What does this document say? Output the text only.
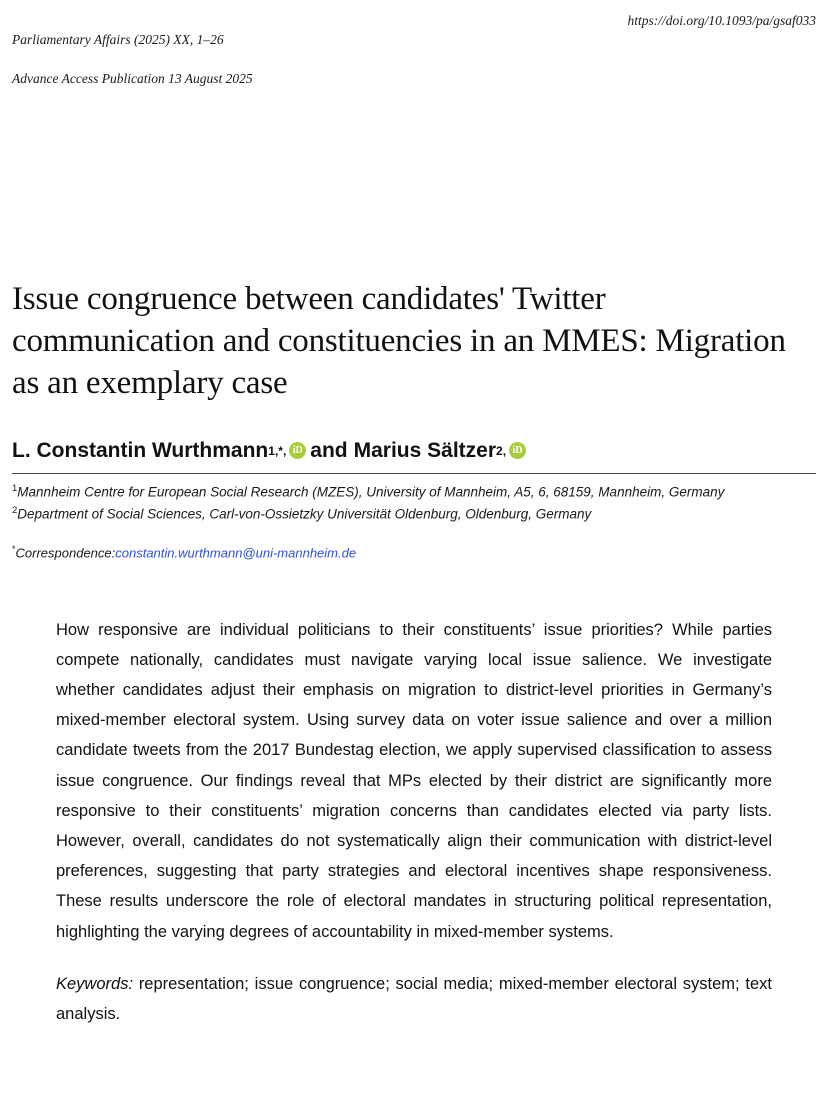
Parliamentary Affairs (2025) XX, 1–26

Advance Access Publication 13 August 2025

https://doi.org/10.1093/pa/gsaf033
Issue congruence between candidates' Twitter communication and constituencies in an MMES: Migration as an exemplary case
L. Constantin Wurthmann 1,*, iD and Marius Sältzer 2,
iD

$^1$Mannheim Centre for European Social Research (MZES), University of Mannheim, A5, 6, 68159, Mannheim, Germany

$^2$Department of Social Sciences, Carl-von-Ossietzky Universität Oldenburg, Oldenburg, Germany

*Correspondence:constantin.wurthmann@uni-mannheim.de
How responsive are individual politicians to their constituents’ issue priorities? While parties compete nationally, candidates must navigate varying local issue salience. We investigate whether candidates adjust their emphasis on migration to district-level priorities in Germany’s mixed-member electoral system. Using survey data on voter issue salience and over a million candidate tweets from the 2017 Bundestag election, we apply supervised classification to assess issue congruence. Our findings reveal that MPs elected by their district are significantly more responsive to their constituents’ migration concerns than candidates elected via party lists. However, overall, candidates do not systematically align their communication with district-level preferences, suggesting that party strategies and electoral incentives shape responsiveness. These results underscore the role of electoral mandates in structuring political representation, highlighting the varying degrees of accountability in mixed-member systems.
Keywords: representation; issue congruence; social media; mixed-member electoral system; text analysis.
